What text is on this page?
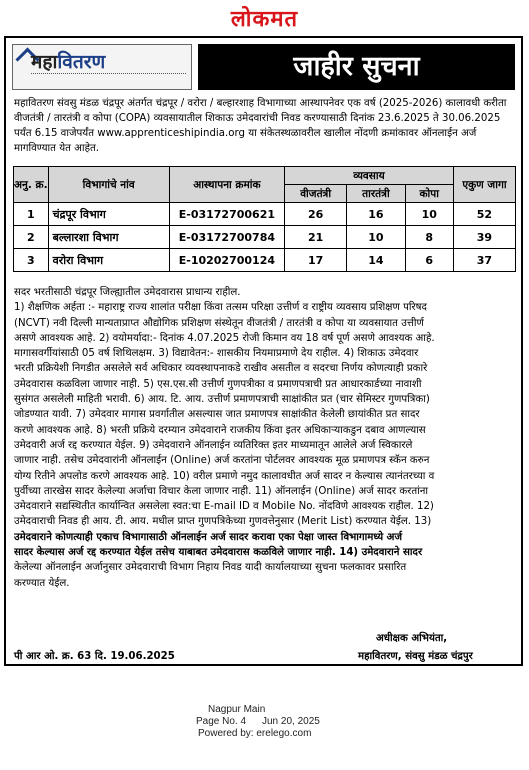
लोकमत
महावितरण	जाहीर सुचना
महावितरण संवसु मंडळ चंद्रपूर अंतर्गत चंद्रपूर / वरोरा / बल्हारशाह विभागाच्या आस्थापनेवर एक वर्ष (2025-2026) कालावधी करीता वीजतंत्री / तारतंत्री व कोपा (COPA) व्यवसायातील शिकाऊ उमेदवारांची निवड करण्यासाठी दिनांक 23.6.2025 ते 30.06.2025 पर्यंत 6.15 वाजेपर्यंत www.apprenticeshipindia.org या संकेतस्थळावरील खालील नोंदणी क्रमांकावर ऑनलाईन अर्ज मागविण्यात येत आहेत.
अनु. क्र.	विभागांचे नांव	आस्थापना क्रमांक	व्यवसाय			एकुण जागा
			वीजतंत्री	तारतंत्री	कोपा	
1	चंद्रपूर विभाग	E-03172700621	26	16	10	52
2	बल्लारशा विभाग	E-03172700784	21	10	8	39
3	वरोरा विभाग	E-10202700124	17	14	6	37
सदर भरतीसाठी चंद्रपूर जिल्ह्यातील उमेदवारास प्राधान्य राहील.
1) शैक्षणिक अर्हता :- महाराष्ट्र राज्य शालांत परीक्षा किंवा तत्सम परिक्षा उत्तीर्ण व राष्ट्रीय व्यवसाय प्रशिक्षण परिषद
(NCVT) नवी दिल्ली मान्यताप्राप्त औद्योगिक प्रशिक्षण संस्थेतून वीजतंत्री / तारतंत्री व कोपा या व्यवसायात उत्तीर्ण
असणे आवश्यक आहे. 2) वयोमर्यादा:- दिनांक 4.07.2025 रोजी किमान वय 18 वर्ष पूर्ण असणे आवश्यक आहे.
मागासवर्गीयांसाठी 05 वर्ष शिथिलक्षम. 3) विद्यावेतन:- शासकीय नियमाप्रमाणे देय राहील. 4) शिकाऊ उमेदवार
भरती प्रक्रियेशी निगडीत असलेले सर्व अधिकार व्यवस्थापनाकडे राखीव असतील व सदरचा निर्णय कोणत्याही प्रकारे
उमेदवारास कळविला जाणार नाही. 5) एस.एस.सी उत्तीर्ण गुणपत्रीका व प्रमाणपत्राची प्रत आधारकार्डच्या नावाशी
सुसंगत असलेली माहिती भरावी. 6) आय. टि. आय. उत्तीर्ण प्रमाणपत्राची साक्षांकीत प्रत (चार सेमिस्टर गुणपत्रिका)
जोडण्यात यावी. 7) उमेदवार मागास प्रवर्गातील असल्यास जात प्रमाणपत्र साक्षांकीत केलेली छायांकीत प्रत सादर
करणे आवश्यक आहे. 8) भरती प्रक्रिये दरम्यान उमेदवाराने राजकीय किंवा इतर अधिकाऱ्याकडुन दबाव आणल्यास
उमेदवारी अर्ज रद्द करण्यात येईल. 9) उमेदवाराने ऑनलाईन व्यतिरिक्त इतर माध्यमातून आलेले अर्ज स्विकारले
जाणार नाही. तसेच उमेदवारांनी ऑनलाईन (Online) अर्ज करतांना पोर्टलवर आवश्यक मूळ प्रमाणपत्र स्कॅन करुन
योग्य रितीने अपलोड करणे आवश्यक आहे. 10) वरील प्रमाणे नमुद कालावधीत अर्ज सादर न केल्यास त्यानंतरच्या व
पुर्वीच्या तारखेस सादर केलेल्या अर्जाचा विचार केला जाणार नाही. 11) ऑनलाईन (Online) अर्ज सादर करतांना
उमेदवाराने सद्यस्थितीत कार्यान्वित असलेला स्वत:चा E-mail ID व Mobile No. नोंदविणे आवश्यक राहील. 12)
उमेदवाराची निवड ही आय. टी. आय. मधील प्राप्त गुणपत्रिकेच्या गुणवत्तेनुसार (Merit List) करण्यात येईल. 13)
उमेदवाराने कोणत्याही एकाच विभागासाठी ऑनलाईन अर्ज सादर करावा एका पेक्षा जास्त विभागामध्ये अर्ज
सादर केल्यास अर्ज रद्द करण्यात येईल तसेच याबाबत उमेदवारास कळविले जाणार नाही. 14) उमेदवाराने सादर
केलेल्या ऑनलाईन अर्जानुसार उमेदवाराची विभाग निहाय निवड यादी कार्यालयाच्या सुचना फलकावर प्रसारित
करण्यात येईल.
अधीक्षक अभियंता,
पी आर ओ. क्र. 63 दि. 19.06.2025	महावितरण, संवसु मंडळ चंद्रपुर
Nagpur Main
Page No. 4 Jun 20, 2025
Powered by: erelego.com
